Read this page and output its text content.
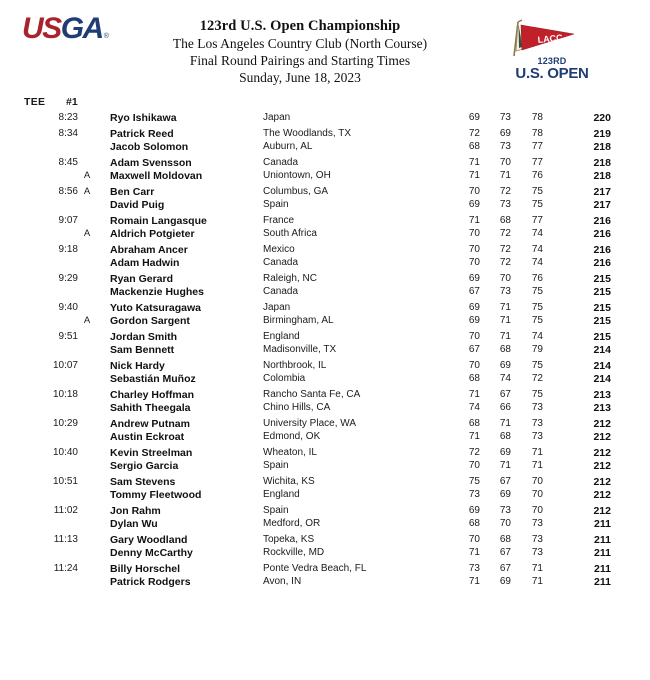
USGA®
123rd U.S. Open Championship
The Los Angeles Country Club (North Course)
Final Round Pairings and Starting Times
Sunday, June 18, 2023
LACC
123RD
U.S. OPEN
TEE #1
8:23	Ryo Ishikawa	Japan	69	73	78	220
8:34	Patrick Reed	The Woodlands, TX	72	69	78	219
Jacob Solomon	Auburn, AL	68	73	77	218
8:45	Adam Svensson	Canada	71	70	77	218
A Maxwell Moldovan	Uniontown, OH	71	71	76	218
8:56 A Ben Carr	Columbus, GA	70	72	75	217
David Puig	Spain	69	73	75	217
9:07	Romain Langasque	France	71	68	77	216
A Aldrich Potgieter	South Africa	70	72	74	216
9:18	Abraham Ancer	Mexico	70	72	74	216
Adam Hadwin	Canada	70	72	74	216
9:29	Ryan Gerard	Raleigh, NC	69	70	76	215
Mackenzie Hughes	Canada	67	73	75	215
9:40	Yuto Katsuragawa	Japan	69	71	75	215
A Gordon Sargent	Birmingham, AL	69	71	75	215
9:51	Jordan Smith	England	70	71	74	215
Sam Bennett	Madisonville, TX	67	68	79	214
10:07	Nick Hardy	Northbrook, IL	70	69	75	214
Sebastián Muñoz	Colombia	68	74	72	214
10:18	Charley Hoffman	Rancho Santa Fe, CA	71	67	75	213
Sahith Theegala	Chino Hills, CA	74	66	73	213
10:29	Andrew Putnam	University Place, WA	68	71	73	212
Austin Eckroat	Edmond, OK	71	68	73	212
10:40	Kevin Streelman	Wheaton, IL	72	69	71	212
Sergio Garcia	Spain	70	71	71	212
10:51	Sam Stevens	Wichita, KS	75	67	70	212
Tommy Fleetwood	England	73	69	70	212
11:02	Jon Rahm	Spain	69	73	70	212
Dylan Wu	Medford, OR	68	70	73	211
11:13	Gary Woodland	Topeka, KS	70	68	73	211
Denny McCarthy	Rockville, MD	71	67	73	211
11:24	Billy Horschel	Ponte Vedra Beach, FL	73	67	71	211
Patrick Rodgers	Avon, IN	71	69	71	211
